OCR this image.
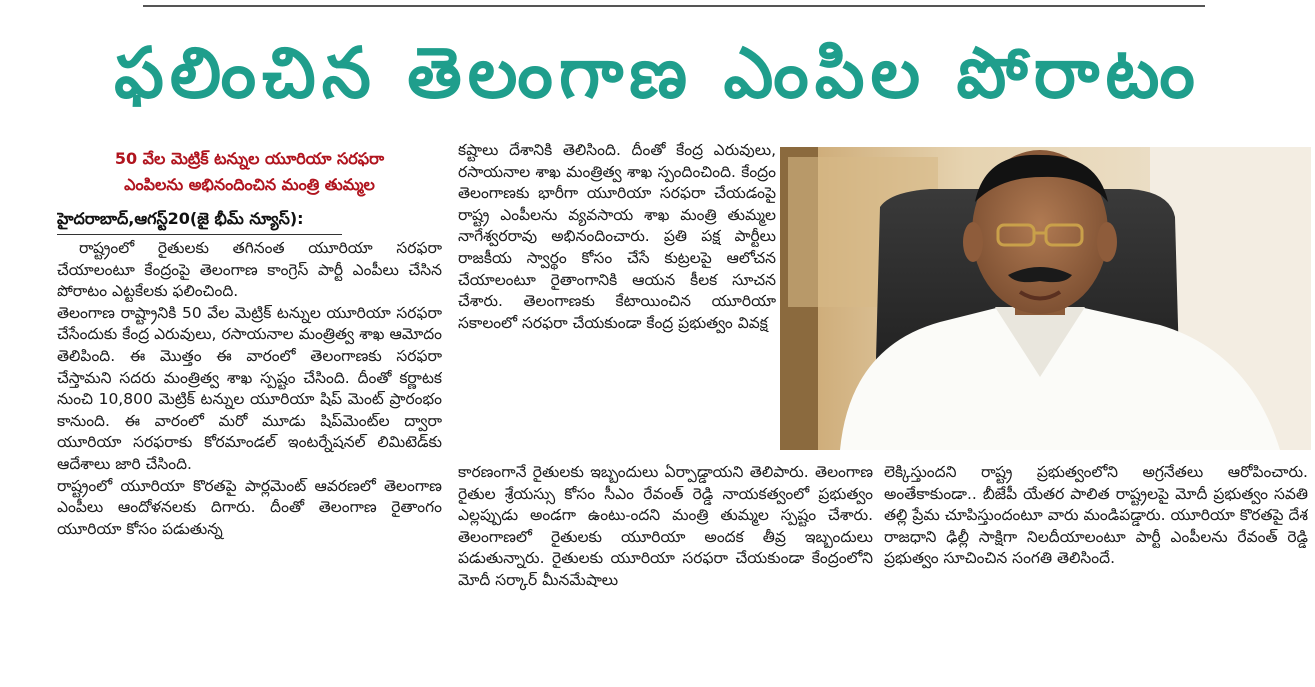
ఫలించిన తెలంగాణ ఎంపిల పోరాటం
50 వేల మెట్రిక్ టన్నుల యూరియా సరఫరా
ఎంపిలను అభినందించిన మంత్రి తుమ్మల
హైదరాబాద్,ఆగస్ట్20(జై భీమ్ న్యూస్):

రాష్ట్రంలో రైతులకు తగినంత యూరియా సరఫరా చేయాలంటూ కేంద్రంపై తెలంగాణ కాంగ్రెస్ పార్టీ ఎంపీలు చేసిన పోరాటం ఎట్టకేలకు ఫలించింది.

తెలంగాణ రాష్ట్రానికి 50 వేల మెట్రిక్ టన్నుల యూరియా సరఫరా చేసేందుకు కేంద్ర ఎరువులు, రసాయనాల మంత్రిత్వ శాఖ ఆమోదం తెలిపింది. ఈ మొత్తం ఈ వారంలో తెలంగాణకు సరఫరా చేస్తామని సదరు మంత్రిత్వ శాఖ స్పష్టం చేసింది. దీంతో కర్ణాటక నుంచి 10,800 మెట్రిక్ టన్నుల యూరియా షిప్ మెంట్ ప్రారంభం కానుంది. ఈ వారంలో మరో మూడు షిప్‌మెంట్‌ల ద్వారా యూరియా సరఫరాకు కోరమాండల్ ఇంటర్నేషనల్ లిమిటెడ్‌కు ఆదేశాలు జారి చేసింది.

రాష్ట్రంలో యూరియా కొరతపై పార్లమెంట్ ఆవరణలో తెలంగాణ ఎంపీలు ఆందోళనలకు దిగారు. దీంతో తెలంగాణ రైతాంగం యూరియా కోసం పడుతున్న

కష్టాలు దేశానికి తెలిసింది. దీంతో కేంద్ర ఎరువులు, రసాయనాల శాఖ మంత్రిత్వ శాఖ స్పందించింది. కేంద్రం తెలంగాణకు భారీగా యూరియా సరఫరా చేయడంపై రాష్ట్ర ఎంపీలను వ్యవసాయ శాఖ మంత్రి తుమ్మల నాగేశ్వరరావు అభినందించారు. ప్రతి పక్ష పార్టీలు రాజకీయ స్వార్థం కోసం చేసే కుట్రలపై ఆలోచన చేయాలంటూ రైతాంగానికి ఆయన కీలక సూచన చేశారు. తెలంగాణకు కేటాయించిన యూరియా సకాలంలో సరఫరా చేయకుండా కేంద్ర ప్రభుత్వం వివక్ష

కారణంగానే రైతులకు ఇబ్బందులు ఏర్పాడ్డాయని తెలిపారు. తెలంగాణ రైతుల శ్రేయస్సు కోసం సీఎం రేవంత్ రెడ్డి నాయకత్వంలో ప్రభుత్వం ఎల్లప్పుడు అండగా ఉంటు-ందని మంత్రి తుమ్మల స్పష్టం చేశారు. తెలంగాణలో రైతులకు యూరియా అందక తీవ్ర ఇబ్బందులు పడుతున్నారు. రైతులకు యూరియా సరఫరా చేయకుండా కేంద్రంలోని మోదీ సర్కార్ మీనమేషాలు

లెక్కిస్తుందని రాష్ట్ర ప్రభుత్వంలోని అగ్రనేతలు ఆరోపించారు. అంతేకాకుండా.. బీజేపీ యేతర పాలిత రాష్ట్రలపై మోదీ ప్రభుత్వం సవతి తల్లి ప్రేమ చూపిస్తుందంటూ వారు మండిపడ్డారు. యూరియా కొరతపై దేశ రాజధాని ఢిల్లీ సాక్షిగా నిలదీయాలంటూ పార్టీ ఎంపీలను రేవంత్ రెడ్డి ప్రభుత్వం సూచించిన సంగతి తెలిసిందే.
